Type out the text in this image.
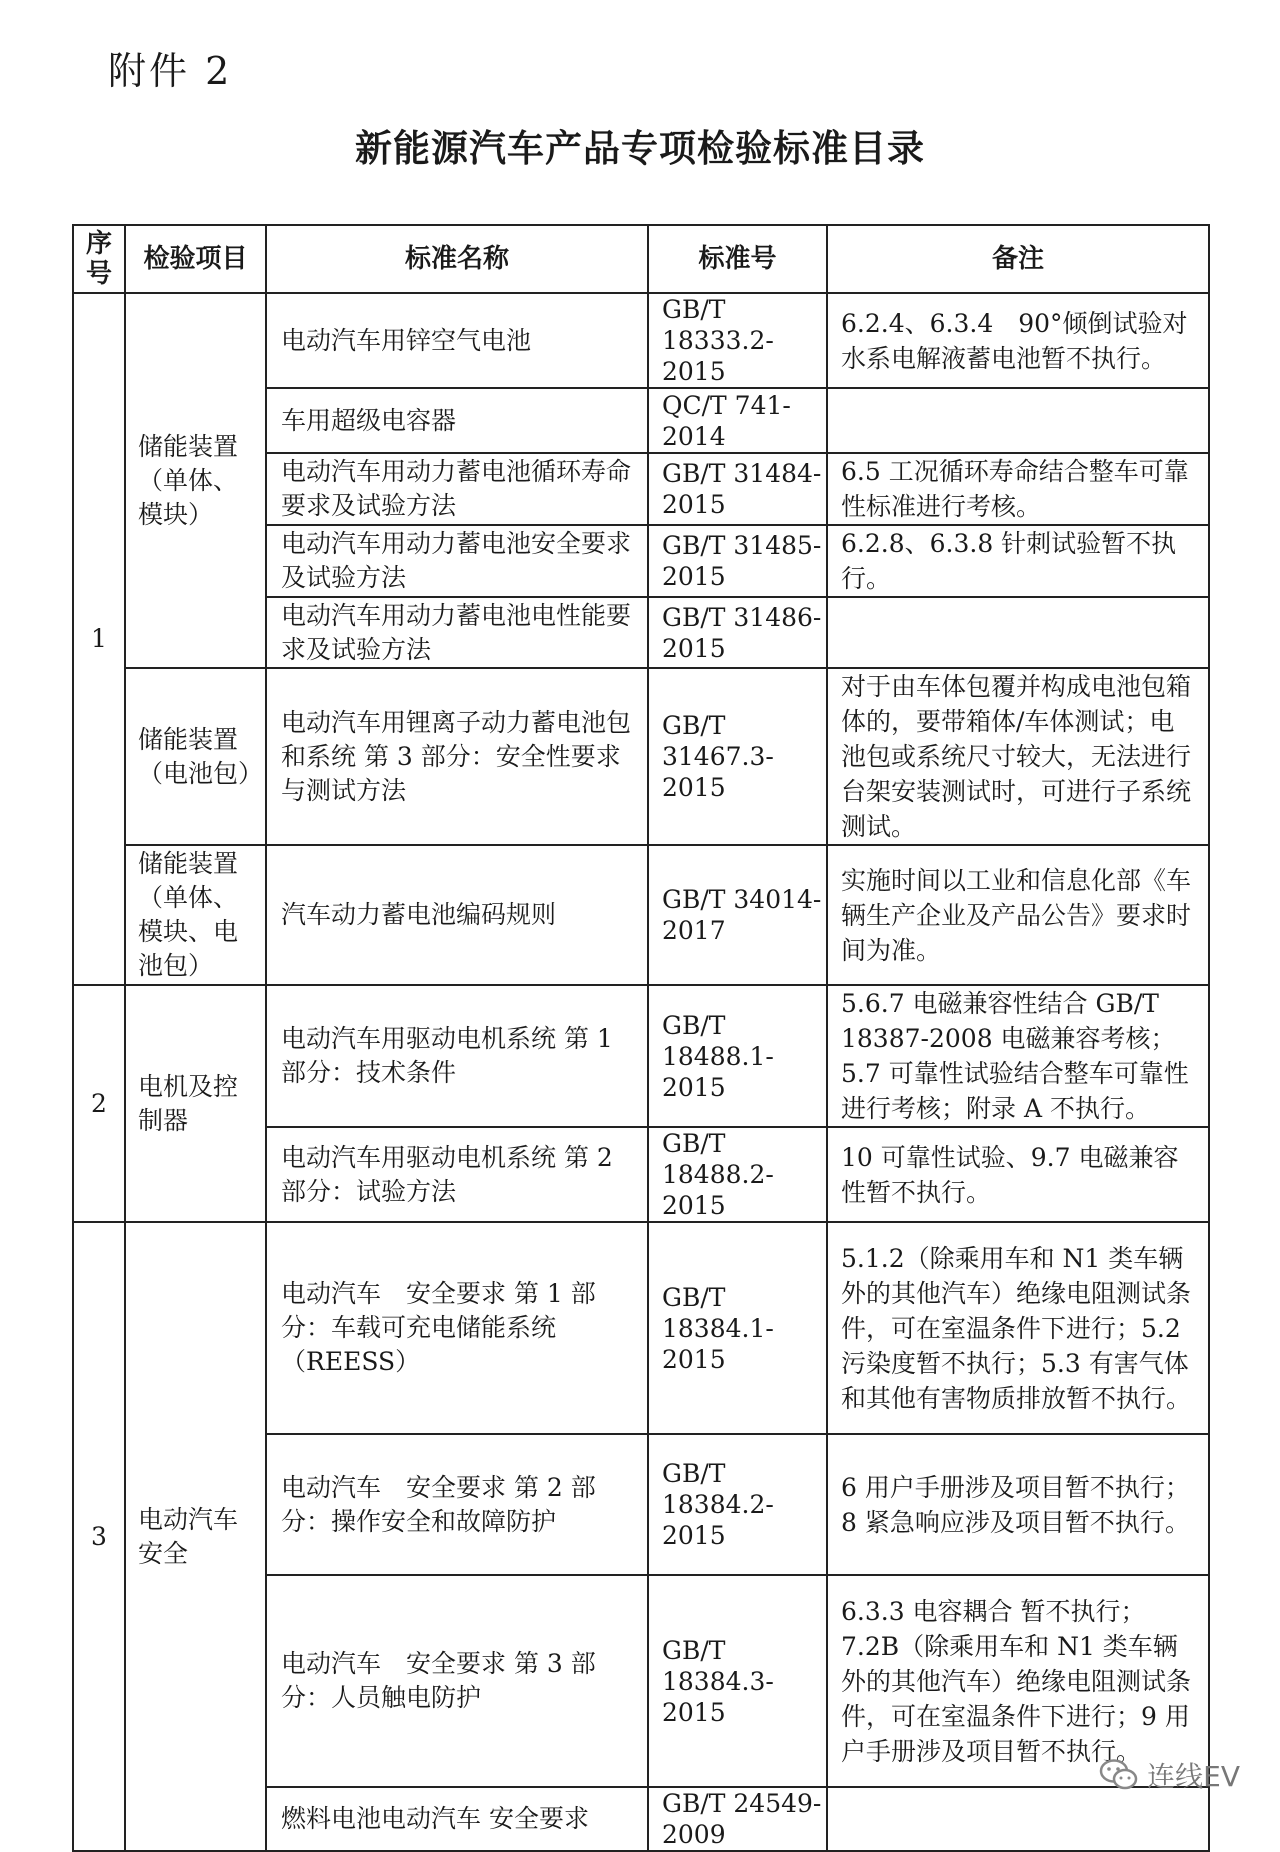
附件 2
新能源汽车产品专项检验标准目录
序号	检验项目	标准名称	标准号	备注
1	储能装置（单体、模块）	电动汽车用锌空气电池	GB/T 18333.2-2015	6.2.4、6.3.4　90°倾倒试验对水系电解液蓄电池暂不执行。
		车用超级电容器	QC/T 741-2014	
		电动汽车用动力蓄电池循环寿命要求及试验方法	GB/T 31484-2015	6.5 工况循环寿命结合整车可靠性标准进行考核。
		电动汽车用动力蓄电池安全要求及试验方法	GB/T 31485-2015	6.2.8、6.3.8 针刺试验暂不执行。
		电动汽车用动力蓄电池电性能要求及试验方法	GB/T 31486-2015	
	储能装置（电池包）	电动汽车用锂离子动力蓄电池包和系统 第 3 部分：安全性要求与测试方法	GB/T 31467.3-2015	对于由车体包覆并构成电池包箱体的，要带箱体/车体测试；电池包或系统尺寸较大，无法进行台架安装测试时，可进行子系统测试。
	储能装置（单体、模块、电池包）	汽车动力蓄电池编码规则	GB/T 34014-2017	实施时间以工业和信息化部《车辆生产企业及产品公告》要求时间为准。
2	电机及控制器	电动汽车用驱动电机系统 第 1 部分：技术条件	GB/T 18488.1-2015	5.6.7 电磁兼容性结合 GB/T 18387-2008 电磁兼容考核；5.7 可靠性试验结合整车可靠性进行考核；附录 A 不执行。
		电动汽车用驱动电机系统 第 2 部分：试验方法	GB/T 18488.2-2015	10 可靠性试验、9.7 电磁兼容性暂不执行。
3	电动汽车安全	电动汽车　安全要求 第 1 部分：车载可充电储能系统（REESS）	GB/T 18384.1-2015	5.1.2（除乘用车和 N1 类车辆外的其他汽车）绝缘电阻测试条件，可在室温条件下进行；5.2 污染度暂不执行；5.3 有害气体和其他有害物质排放暂不执行。
		电动汽车　安全要求 第 2 部分：操作安全和故障防护	GB/T 18384.2-2015	6 用户手册涉及项目暂不执行；8 紧急响应涉及项目暂不执行。
		电动汽车　安全要求 第 3 部分：人员触电防护	GB/T 18384.3-2015	6.3.3 电容耦合 暂不执行；7.2B（除乘用车和 N1 类车辆外的其他汽车）绝缘电阻测试条件，可在室温条件下进行；9 用户手册涉及项目暂不执行。
		燃料电池电动汽车 安全要求	GB/T 24549-2009	
连线EV
